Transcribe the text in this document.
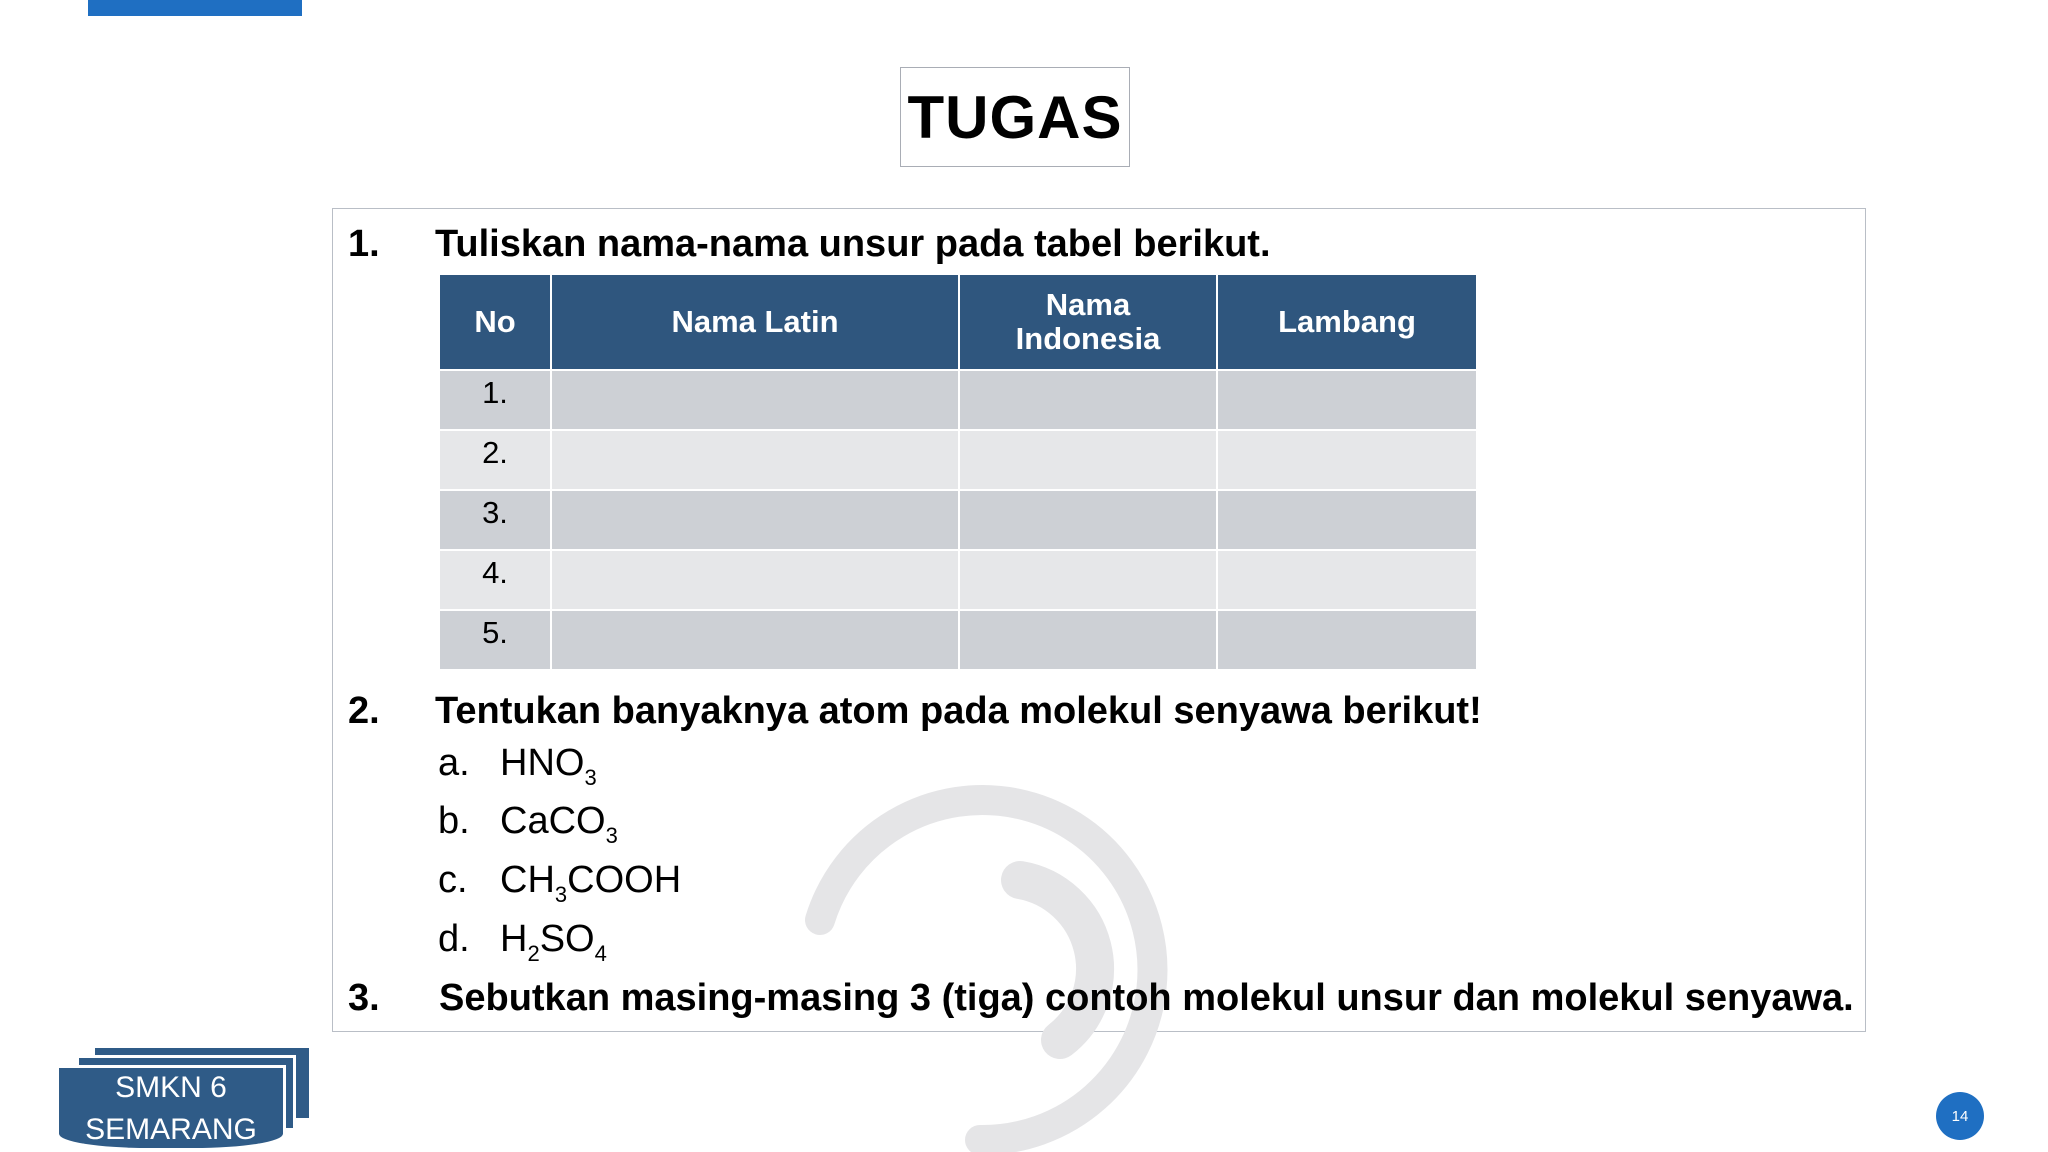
TUGAS
1. Tuliskan nama-nama unsur pada tabel berikut.
No	Nama Latin	Nama Indonesia	Lambang
1.			
2.			
3.			
4.			
5.			
2. Tentukan banyaknya atom pada molekul senyawa berikut!
a. $HNO_3$
b. CaCO$_3$
c. $CH_3COOH$
d. $H_2SO_4$
3. Sebutkan masing-masing 3 (tiga) contoh molekul unsur dan molekul senyawa.
SMKN 6
SEMARANG	14
